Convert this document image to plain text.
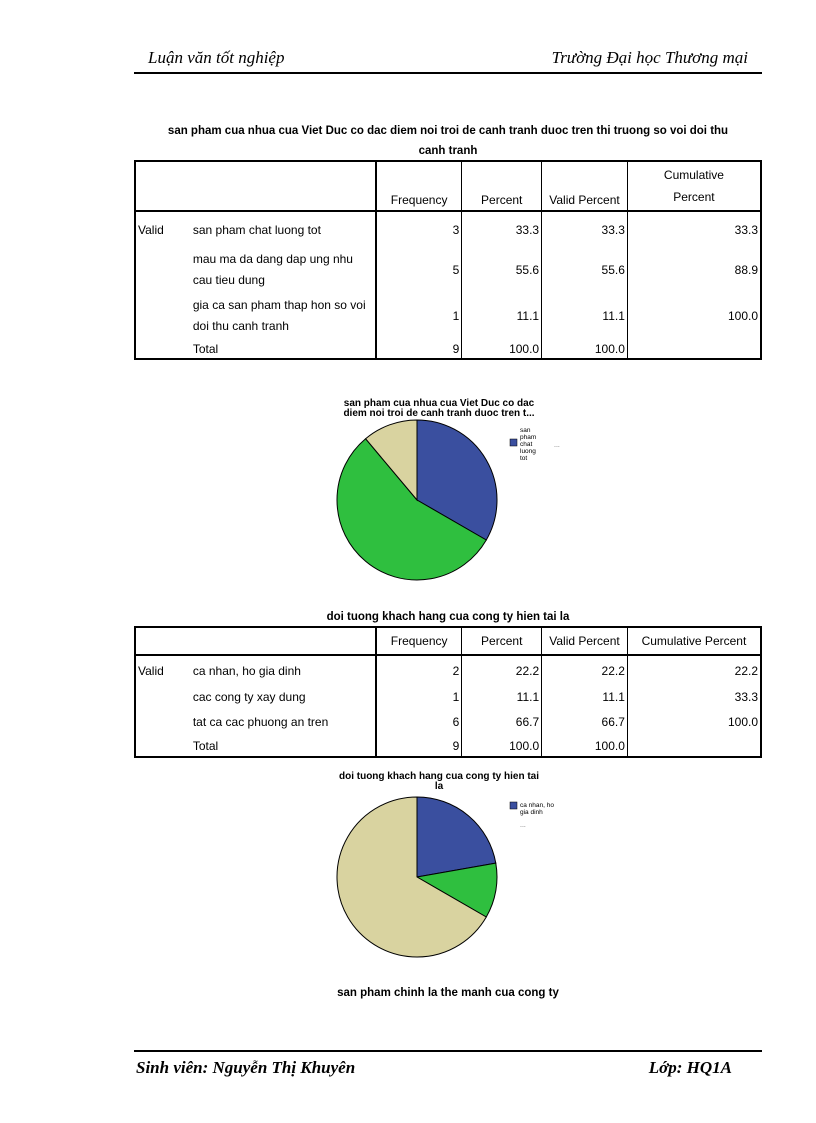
Luận văn tốt nghiệp	Trường Đại học Thương mại
san pham cua nhua cua Viet Duc co dac diem noi troi de canh tranh duoc tren thi truong so voi doi thu
canh tranh
		Frequency	Percent	Valid Percent	Cumulative
Percent

Valid	san pham chat luong tot	3	33.3	33.3	33.3

	mau ma da dang dap ung nhu
cau tieu dung	5	55.6	55.6	88.9

	gia ca san pham thap hon so voi
doi thu canh tranh	1	11.1	11.1	100.0
	Total	9	100.0	100.0	
san pham cua nhua cua Viet Duc co dac
diem noi troi de canh tranh duoc tren t...
san
pham
chat
luong
tot
...
doi tuong khach hang cua cong ty hien tai la
		Frequency	Percent	Valid Percent	Cumulative Percent
Valid	ca nhan, ho gia dinh	2	22.2	22.2	22.2
	cac cong ty xay dung	1	11.1	11.1	33.3
	tat ca cac phuong an tren	6	66.7	66.7	100.0
	Total	9	100.0	100.0	
doi tuong khach hang cua cong ty hien tai
la
ca nhan, ho
gia dinh
...
san pham chinh la the manh cua cong ty
Sinh viên: Nguyễn Thị Khuyên	Lớp: HQ1A
